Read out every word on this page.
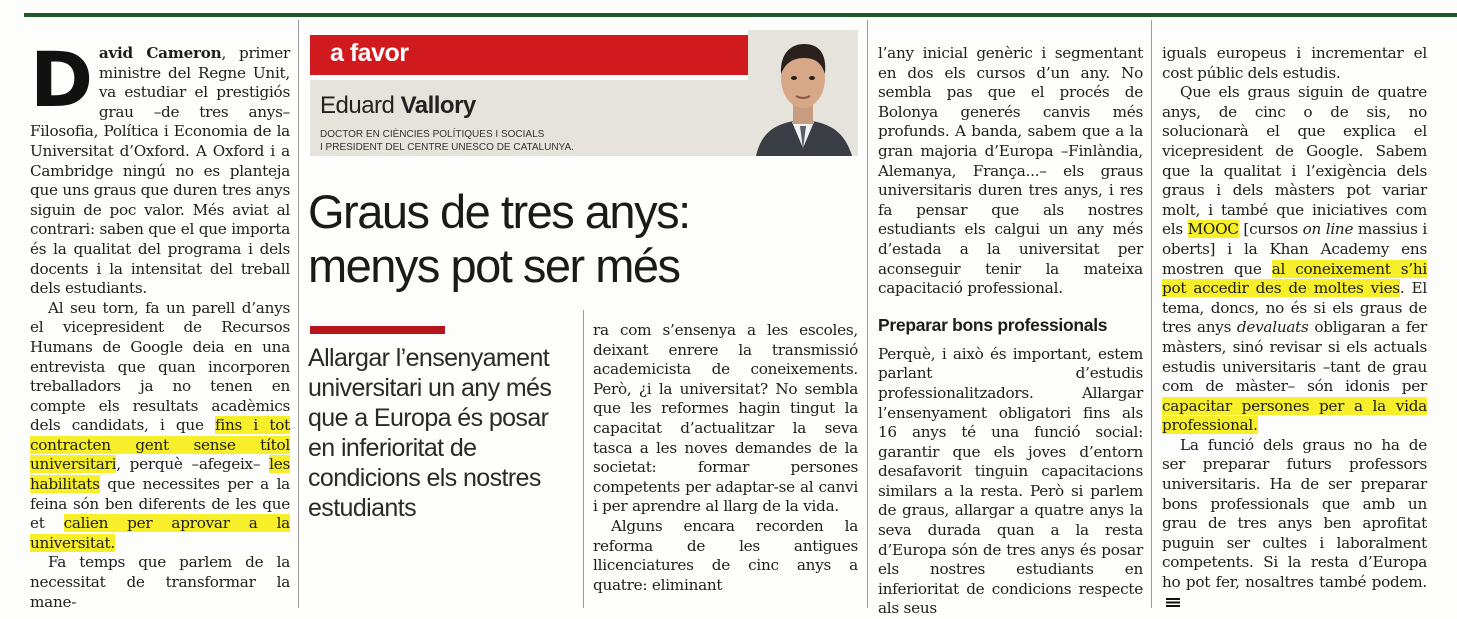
David Cameron, primer ministre del Regne Unit, va estudiar el prestigiós grau –de tres anys– Filosofia, Política i Economia de la Universitat d’Oxford. A Oxford i a Cambridge ningú no es planteja que uns graus que duren tres anys siguin de poc valor. Més aviat al contrari: saben que el que importa és la qualitat del programa i dels docents i la intensitat del treball dels estudiants.

Al seu torn, fa un parell d’anys el vicepresident de Recursos Humans de Google deia en una entrevista que quan incorporen treballadors ja no tenen en compte els resultats acadèmics dels candidats, i que fins i tot contracten gent sense títol universitari, perquè –afegeix– les habilitats que necessites per a la feina són ben diferents de les que et calien per aprovar a la universitat.

Fa temps que parlem de la necessitat de transformar la mane-

a favor
Eduard Vallory
DOCTOR EN CIÈNCIES POLÍTIQUES I SOCIALS
I PRESIDENT DEL CENTRE UNESCO DE CATALUNYA.
Graus de tres anys:
menys pot ser més

Allargar l’ensenyament universitari un any més que a Europa és posar en inferioritat de condicions els nostres estudiants

ra com s’ensenya a les escoles, deixant enrere la transmissió academicista de coneixements. Però, ¿i la universitat? No sembla que les reformes hagin tingut la capacitat d’actualitzar la seva tasca a les noves demandes de la societat: formar persones competents per adaptar-se al canvi i per aprendre al llarg de la vida.

Alguns encara recorden la reforma de les antigues llicenciatures de cinc anys a quatre: eliminant

l’any inicial genèric i segmentant en dos els cursos d’un any. No sembla pas que el procés de Bolonya generés canvis més profunds. A banda, sabem que a la gran majoria d’Europa –Finlàndia, Alemanya, França...– els graus universitaris duren tres anys, i res fa pensar que als nostres estudiants els calgui un any més d’estada a la universitat per aconseguir tenir la mateixa capacitació professional.

Preparar bons professionals

Perquè, i això és important, estem parlant d’estudis professionalitzadors. Allargar l’ensenyament obligatori fins als 16 anys té una funció social: garantir que els joves d’entorn desafavorit tinguin capacitacions similars a la resta. Però si parlem de graus, allargar a quatre anys la seva durada quan a la resta d’Europa són de tres anys és posar els nostres estudiants en inferioritat de condicions respecte als seus

iguals europeus i incrementar el cost públic dels estudis.

Que els graus siguin de quatre anys, de cinc o de sis, no solucionarà el que explica el vicepresident de Google. Sabem que la qualitat i l’exigència dels graus i dels màsters pot variar molt, i també que iniciatives com els MOOC [cursos on line massius i oberts] i la Khan Academy ens mostren que al coneixement s’hi pot accedir des de moltes vies. El tema, doncs, no és si els graus de tres anys devaluats obligaran a fer màsters, sinó revisar si els actuals estudis universitaris –tant de grau com de màster– són idonis per capacitar persones per a la vida professional.

La funció dels graus no ha de ser preparar futurs professors universitaris. Ha de ser preparar bons professionals que amb un grau de tres anys ben aprofitat puguin ser cultes i laboralment competents. Si la resta d’Europa ho pot fer, nosaltres també podem.
